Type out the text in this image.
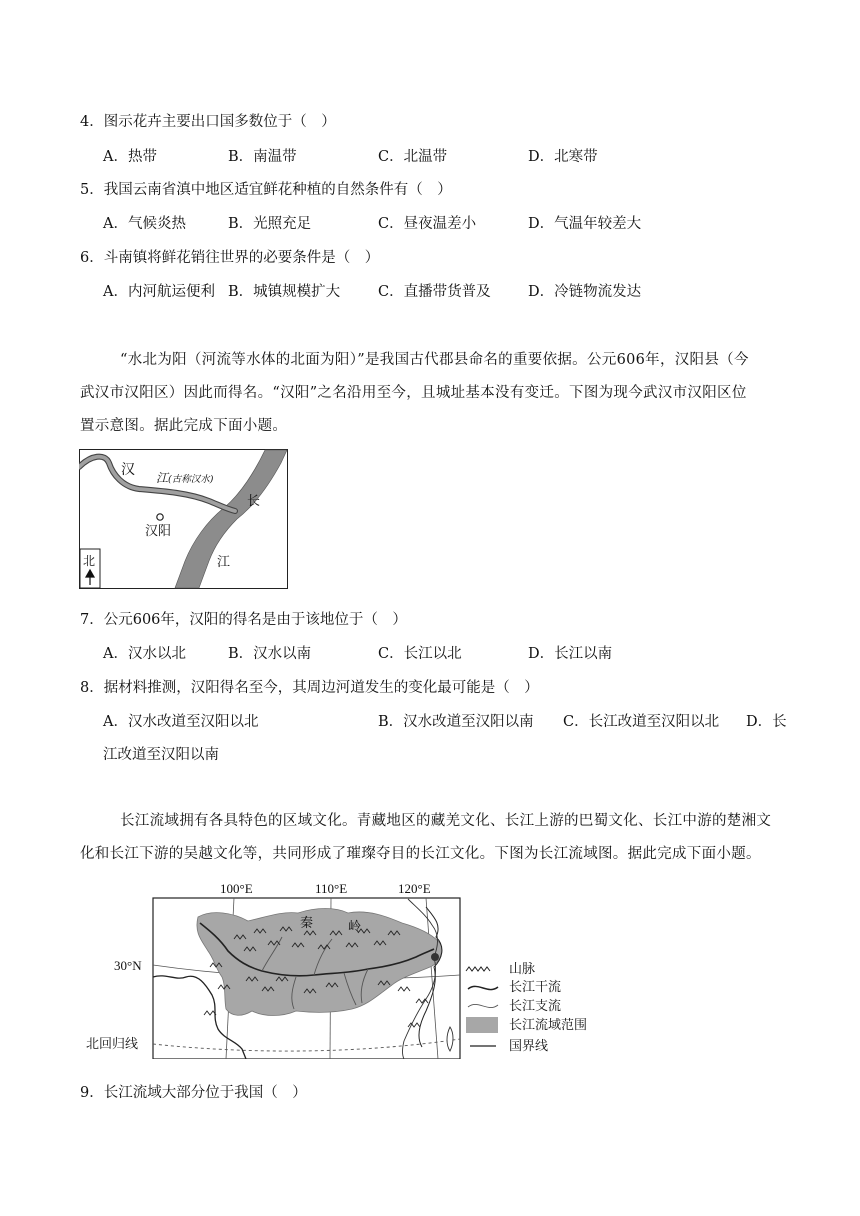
4．图示花卉主要出口国多数位于（　）
A．热带	B．南温带	C．北温带	D．北寒带
5．我国云南省滇中地区适宜鲜花种植的自然条件有（　）
A．气候炎热	B．光照充足	C．昼夜温差小	D．气温年较差大
6．斗南镇将鲜花销往世界的必要条件是（　）
A．内河航运便利 B．城镇规模扩大	C．直播带货普及	D．冷链物流发达
“水北为阳（河流等水体的北面为阳）”是我国古代郡县命名的重要依据。公元606年，汉阳县（今
武汉市汉阳区）因此而得名。“汉阳”之名沿用至今，且城址基本没有变迁。下图为现今武汉市汉阳区位
置示意图。据此完成下面小题。
汉 江 (古称汉水)
长
江
汉阳
北
7．公元606年，汉阳的得名是由于该地位于（　）
A．汉水以北	B．汉水以南	C．长江以北	D．长江以南
8．据材料推测，汉阳得名至今，其周边河道发生的变化最可能是（　）
A．汉水改道至汉阳以北	B．汉水改道至汉阳以南 C．长江改道至汉阳以北 D．长
江改道至汉阳以南
长江流域拥有各具特色的区域文化。青藏地区的藏羌文化、长江上游的巴蜀文化、长江中游的楚湘文
化和长江下游的吴越文化等，共同形成了璀璨夺目的长江文化。下图为长江流域图。据此完成下面小题。
100°E	110°E	120°E
30°N
北回归线
秦	岭
山脉
长江干流
长江支流
长江流域范围
国界线
9．长江流域大部分位于我国（　）
